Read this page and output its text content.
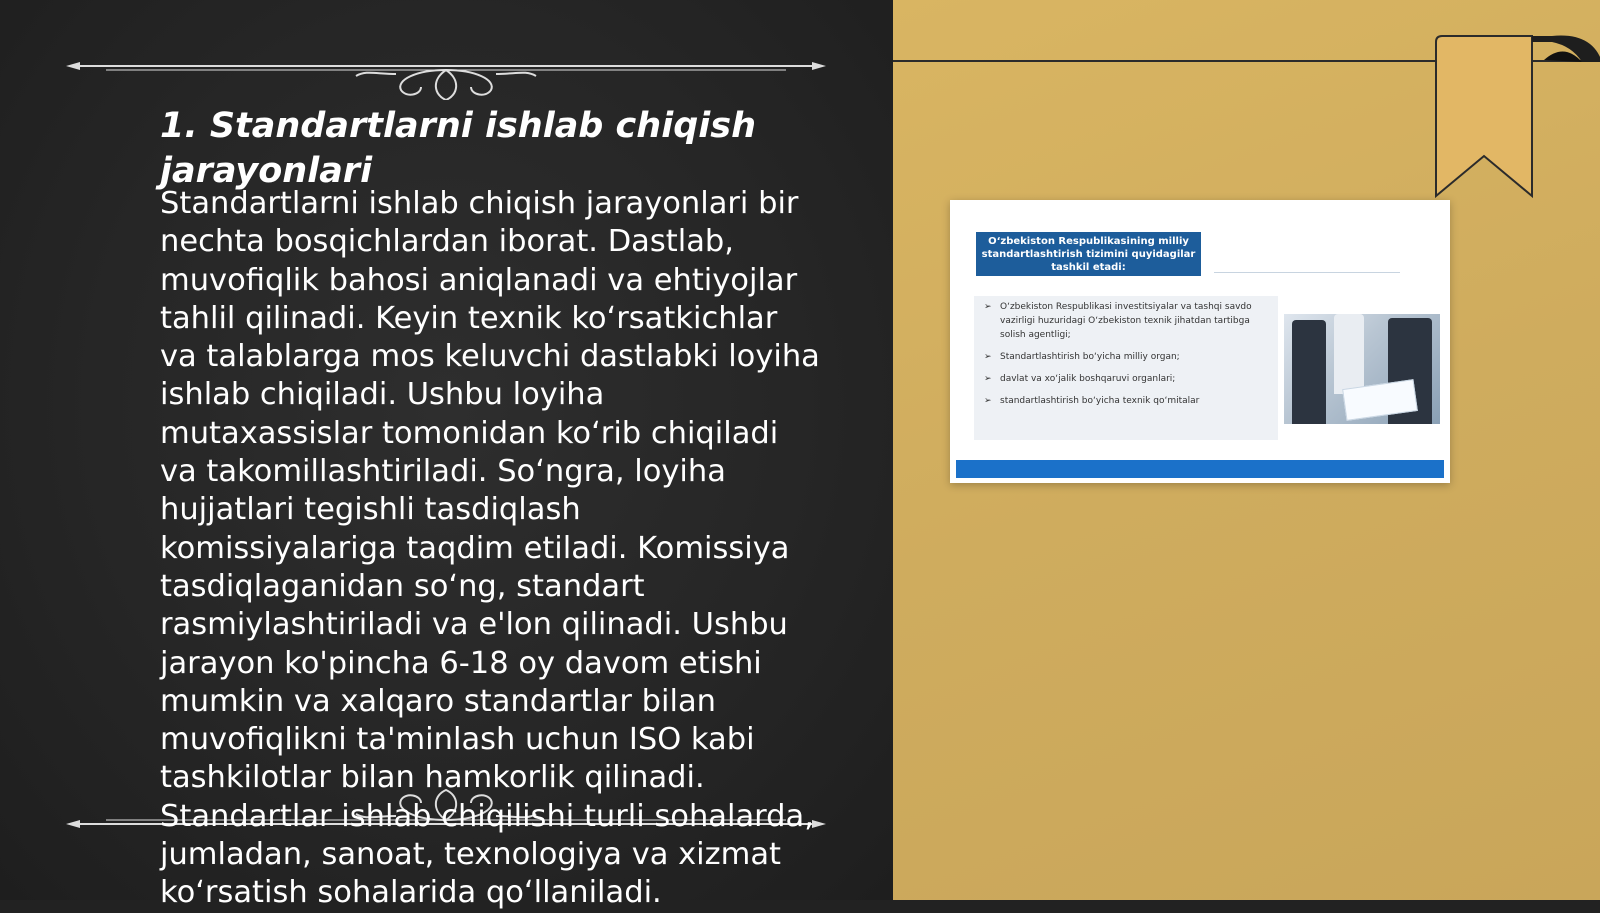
1. Standartlarni ishlab chiqish jarayonlari

Standartlarni ishlab chiqish jarayonlari bir nechta bosqichlardan iborat. Dastlab, muvofiqlik bahosi aniqlanadi va ehtiyojlar tahlil qilinadi. Keyin texnik ko‘rsatkichlar va talablarga mos keluvchi dastlabki loyiha ishlab chiqiladi. Ushbu loyiha mutaxassislar tomonidan ko‘rib chiqiladi va takomillashtiriladi. So‘ngra, loyiha hujjatlari tegishli tasdiqlash komissiyalariga taqdim etiladi. Komissiya tasdiqlaganidan so‘ng, standart rasmiylashtiriladi va e'lon qilinadi. Ushbu jarayon ko'pincha 6-18 oy davom etishi mumkin va xalqaro standartlar bilan muvofiqlikni ta'minlash uchun ISO kabi tashkilotlar bilan hamkorlik qilinadi. Standartlar ishlab chiqilishi turli sohalarda, jumladan, sanoat, texnologiya va xizmat ko‘rsatish sohalarida qo‘llaniladi.

O‘zbekiston Respublikasining milliy standartlashtirish tizimini quyidagilar tashkil etadi:
➢ O‘zbekiston Respublikasi investitsiyalar va tashqi savdo vazirligi huzuridagi O‘zbekiston texnik jihatdan tartibga solish agentligi;
➢ Standartlashtirish bo‘yicha milliy organ;
➢ davlat va xo‘jalik boshqaruvi organlari;
➢ standartlashtirish bo‘yicha texnik qo‘mitalar
